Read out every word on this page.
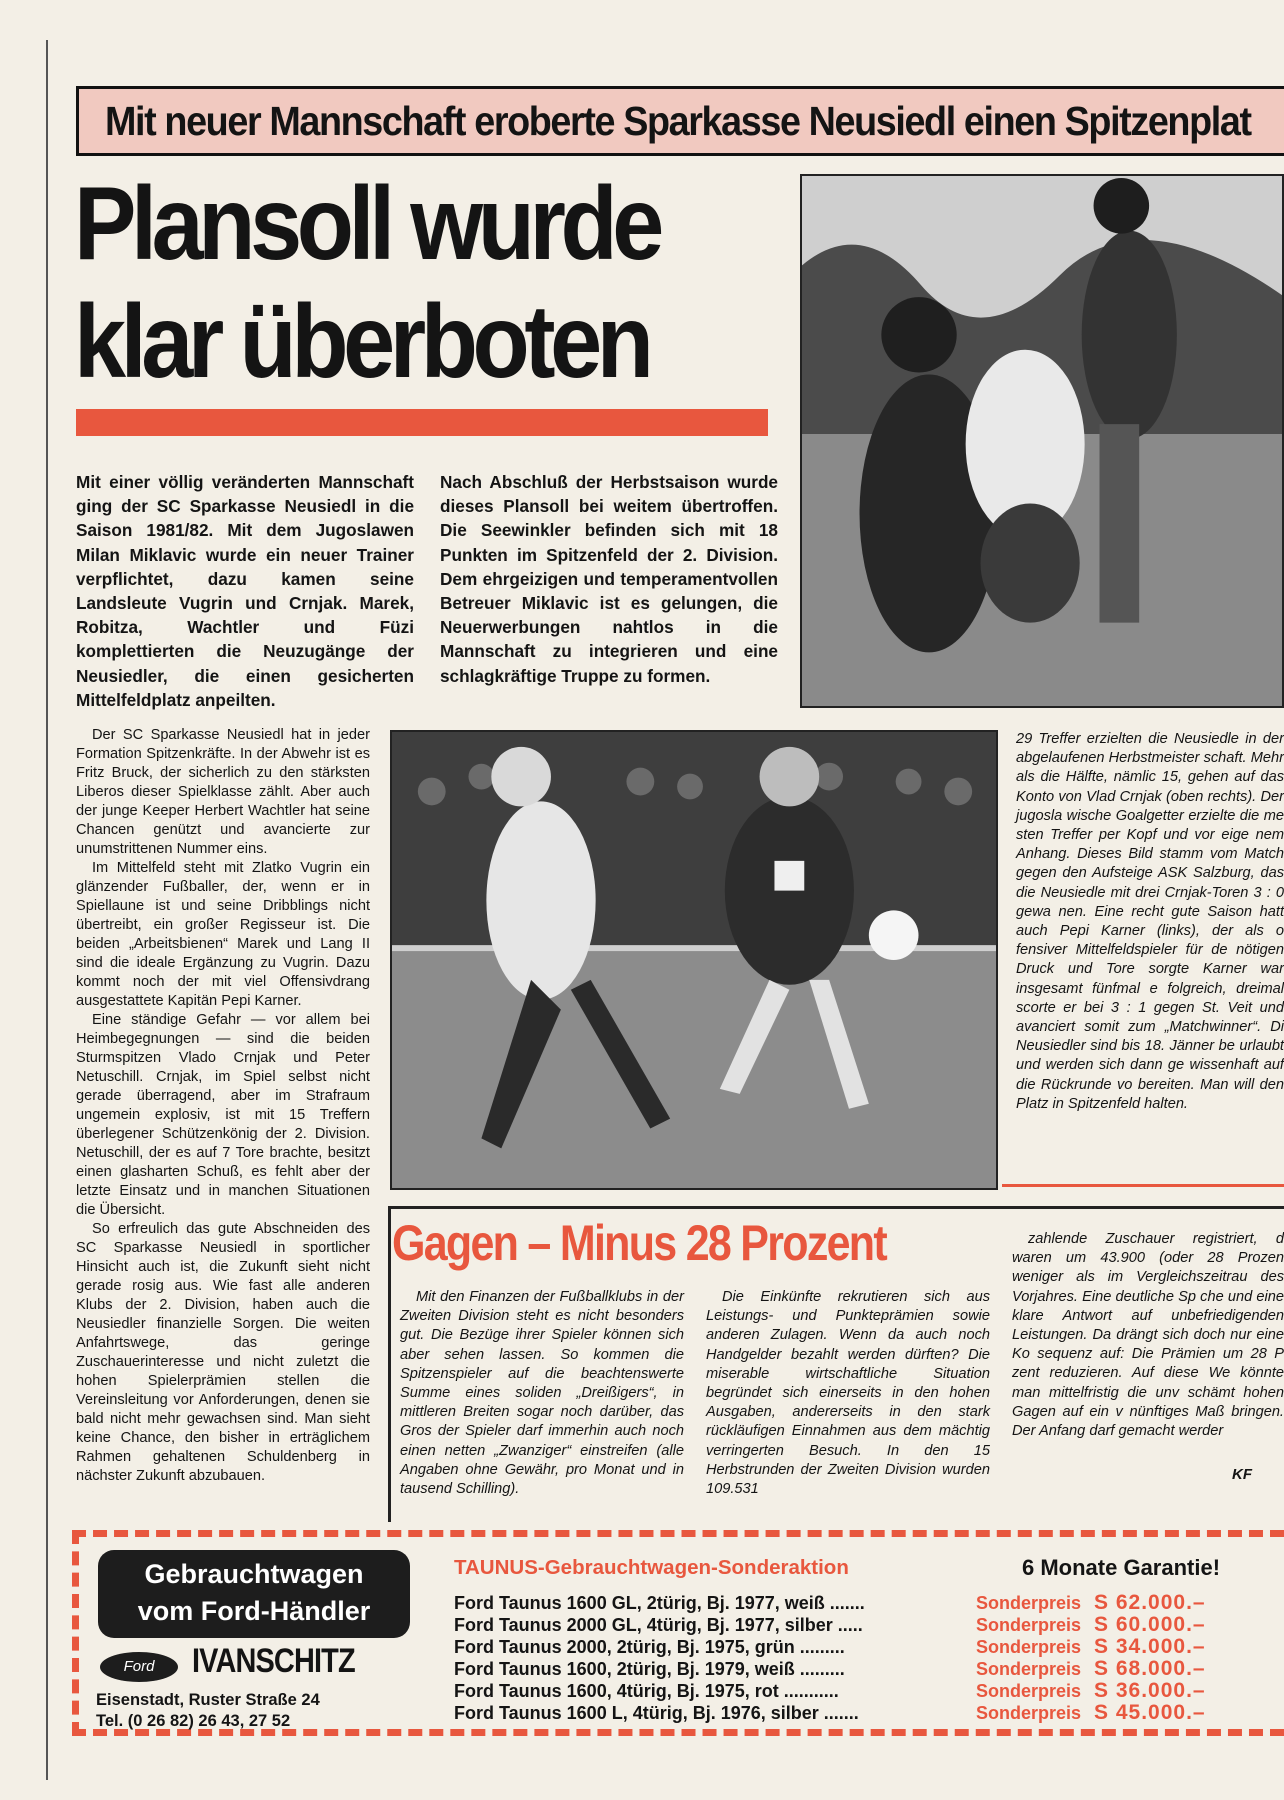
Mit neuer Mannschaft eroberte Sparkasse Neusiedl einen Spitzenplat
Plansoll wurde
klar überboten
Mit einer völlig veränderten Mannschaft ging der SC Sparkasse Neusiedl in die Saison 1981/82. Mit dem Jugoslawen Milan Miklavic wurde ein neuer Trainer verpflichtet, dazu kamen seine Landsleute Vugrin und Crnjak. Marek, Robitza, Wachtler und Füzi komplettierten die Neuzugänge der Neusiedler, die einen gesicherten Mittelfeldplatz anpeilten.
Nach Abschluß der Herbstsaison wurde dieses Plansoll bei weitem übertroffen. Die Seewinkler befinden sich mit 18 Punkten im Spitzenfeld der 2. Division. Dem ehrgeizigen und temperamentvollen Betreuer Miklavic ist es gelungen, die Neuerwerbungen nahtlos in die Mannschaft zu integrieren und eine schlagkräftige Truppe zu formen.

Der SC Sparkasse Neusiedl hat in jeder Formation Spitzenkräfte. In der Abwehr ist es Fritz Bruck, der sicherlich zu den stärksten Liberos dieser Spielklasse zählt. Aber auch der junge Keeper Herbert Wachtler hat seine Chancen genützt und avancierte zur unumstrittenen Nummer eins.

Im Mittelfeld steht mit Zlatko Vugrin ein glänzender Fußballer, der, wenn er in Spiellaune ist und seine Dribblings nicht übertreibt, ein großer Regisseur ist. Die beiden „Arbeitsbienen“ Marek und Lang II sind die ideale Ergänzung zu Vugrin. Dazu kommt noch der mit viel Offensivdrang ausgestattete Kapitän Pepi Karner.

Eine ständige Gefahr — vor allem bei Heimbegegnungen — sind die beiden Sturmspitzen Vlado Crnjak und Peter Netuschill. Crnjak, im Spiel selbst nicht gerade überragend, aber im Strafraum ungemein explosiv, ist mit 15 Treffern überlegener Schützenkönig der 2. Division. Netuschill, der es auf 7 Tore brachte, besitzt einen glasharten Schuß, es fehlt aber der letzte Einsatz und in manchen Situationen die Übersicht.

So erfreulich das gute Abschneiden des SC Sparkasse Neusiedl in sportlicher Hinsicht auch ist, die Zukunft sieht nicht gerade rosig aus. Wie fast alle anderen Klubs der 2. Division, haben auch die Neusiedler finanzielle Sorgen. Die weiten Anfahrtswege, das geringe Zuschauerinteresse und nicht zuletzt die hohen Spielerprämien stellen die Vereinsleitung vor Anforderungen, denen sie bald nicht mehr gewachsen sind. Man sieht keine Chance, den bisher in erträglichem Rahmen gehaltenen Schuldenberg in nächster Zukunft abzubauen.

29 Treffer erzielten die Neusiedle in der abgelaufenen Herbstmeister schaft. Mehr als die Hälfte, nämlic 15, gehen auf das Konto von Vlad Crnjak (oben rechts). Der jugosla wische Goalgetter erzielte die me sten Treffer per Kopf und vor eige nem Anhang. Dieses Bild stamm vom Match gegen den Aufsteige ASK Salzburg, das die Neusiedle mit drei Crnjak-Toren 3 : 0 gewa nen. Eine recht gute Saison hatt auch Pepi Karner (links), der als o fensiver Mittelfeldspieler für de nötigen Druck und Tore sorgte Karner war insgesamt fünfmal e folgreich, dreimal scorte er bei 3 : 1 gegen St. Veit und avanciert somit zum „Matchwinner“. Di Neusiedler sind bis 18. Jänner be urlaubt und werden sich dann ge wissenhaft auf die Rückrunde vo bereiten. Man will den Platz in Spitzenfeld halten.
Gagen – Minus 28 Prozent

Mit den Finanzen der Fußballklubs in der Zweiten Division steht es nicht besonders gut. Die Bezüge ihrer Spieler können sich aber sehen lassen. So kommen die Spitzenspieler auf die beachtenswerte Summe eines soliden „Dreißigers“, in mittleren Breiten sogar noch darüber, das Gros der Spieler darf immerhin auch noch einen netten „Zwanziger“ einstreifen (alle Angaben ohne Gewähr, pro Monat und in tausend Schilling).

Die Einkünfte rekrutieren sich aus Leistungs- und Punkteprämien sowie anderen Zulagen. Wenn da auch noch Handgelder bezahlt werden dürften? Die miserable wirtschaftliche Situation begründet sich einerseits in den hohen Ausgaben, andererseits in den stark rückläufigen Einnahmen aus dem mächtig verringerten Besuch. In den 15 Herbstrunden der Zweiten Division wurden 109.531

zahlende Zuschauer registriert, d waren um 43.900 (oder 28 Prozen weniger als im Vergleichszeitrau des Vorjahres. Eine deutliche Sp che und eine klare Antwort auf unbefriedigenden Leistungen. Da drängt sich doch nur eine Ko sequenz auf: Die Prämien um 28 P zent reduzieren. Auf diese We könnte man mittelfristig die unv schämt hohen Gagen auf ein v nünftiges Maß bringen. Der Anfang darf gemacht werder

KF
Gebrauchtwagen
vom Ford-Händler
Ford	IVANSCHITZ
Eisenstadt, Ruster Straße 24
Tel. (0 26 82) 26 43, 27 52
TAUNUS-Gebrauchtwagen-Sonderaktion	6 Monate Garantie!
Ford Taunus 1600 GL, 2türig, Bj. 1977, weiß .......	Sonderpreis S 62.000.–
Ford Taunus 2000 GL, 4türig, Bj. 1977, silber .....	Sonderpreis S 60.000.–
Ford Taunus 2000, 2türig, Bj. 1975, grün .........	Sonderpreis S 34.000.–
Ford Taunus 1600, 2türig, Bj. 1979, weiß .........	Sonderpreis S 68.000.–
Ford Taunus 1600, 4türig, Bj. 1975, rot ...........	Sonderpreis S 36.000.–
Ford Taunus 1600 L, 4türig, Bj. 1976, silber .......	Sonderpreis S 45.000.–
